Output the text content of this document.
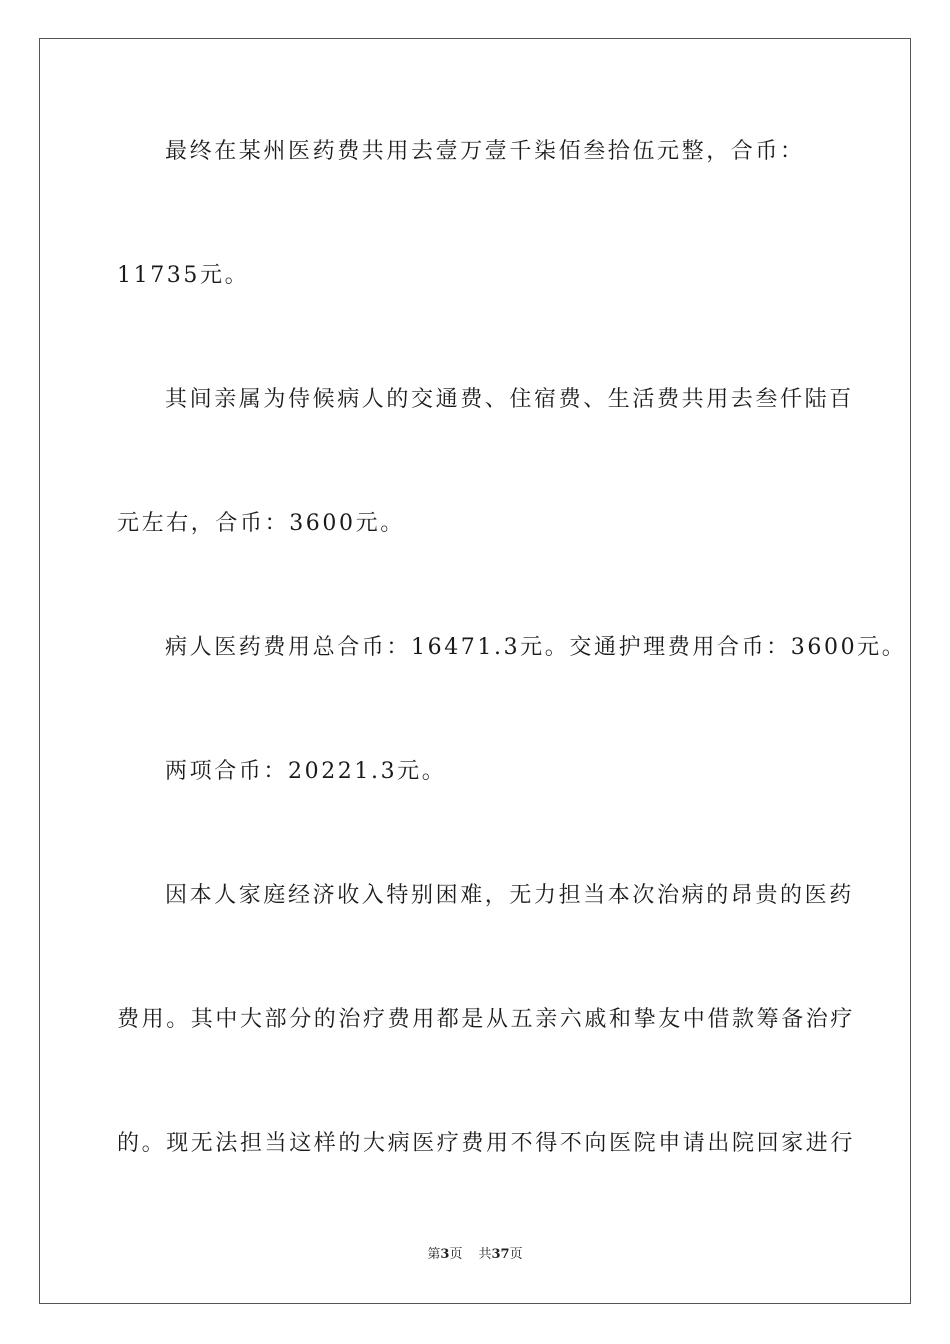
最终在某州医药费共用去壹万壹千柒佰叁拾伍元整，合币：
11735元。
其间亲属为侍候病人的交通费、住宿费、生活费共用去叁仟陆百
元左右，合币：3600元。
病人医药费用总合币：16471.3元。交通护理费用合币：3600元。
两项合币：20221.3元。
因本人家庭经济收入特别困难，无力担当本次治病的昂贵的医药
费用。其中大部分的治疗费用都是从五亲六戚和挚友中借款筹备治疗
的。现无法担当这样的大病医疗费用不得不向医院申请出院回家进行
第3页 共37页
